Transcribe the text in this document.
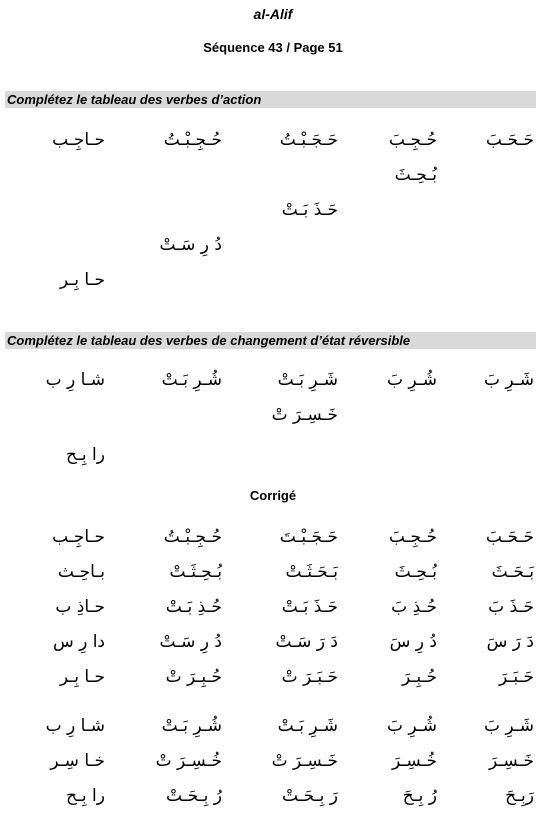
al-Alif
Séquence 43 / Page 51
Complétez le tableau des verbes d’action
Complétez le tableau des verbes de changement d’état réversible
Corrigé
حَـحَـبَ
حُـجِـبَ
حَـجَـبْـتُ
حُـجِـبْـتُ
حـاجِـب
بُـحِـثَ
حَـذَ بَـتْ
دُ رِ سَـتْ
حـا بِـر
شَـرِ بَ
شُـرِ بَ
شَـرِ بَـتْ
شُـرِ بَـتْ
شـا رِ ب
خَـسِـرَ تْ
را بِـح
حَـحَـبَ
حُـجِـبَ
حَـجَـبْـتَ
حُـجِـبْـتُ
حـاجِـب
بَـحَـثَ
بُـحِـثَ
بَـحَـثَـتْ
بُـحِـثَـتْ
بـاحِـث
حَـذَ بَ
حُـذِ بَ
حَـذَ بَـتْ
حُـذِ بَـتْ
حـاذِ ب
دَ رَ سَ
دُ رِ سَ
دَ رَ سَـتْ
دُ رِ سَـتْ
دا رِ س
حَـبَـرَ
حُـبِـرَ
حَـبَـرَ تْ
حُـبِـرَ تْ
حـا بِـر
شَـرِ بَ
شُـرِ بَ
شَـرِ بَـتْ
شُـرِ بَـتْ
شـا رِ ب
خَـسِـرَ
خُـسِـرَ
خَـسِـرَ تْ
خُـسِـرَ تْ
خـا سِـر
رَبِـحَ
رُ بِـحَ
رَ بِـحَـتْ
رُ بِـحَـتْ
را بِـح
